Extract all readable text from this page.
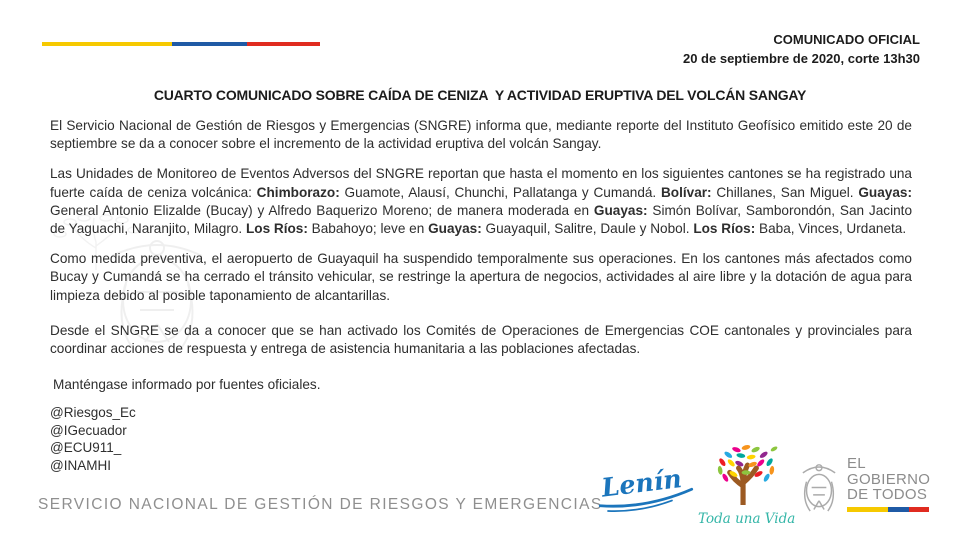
COMUNICADO OFICIAL
20 de septiembre de 2020, corte 13h30
CUARTO COMUNICADO SOBRE CAÍDA DE CENIZA  Y ACTIVIDAD ERUPTIVA DEL VOLCÁN SANGAY

El Servicio Nacional de Gestión de Riesgos y Emergencias (SNGRE) informa que, mediante reporte del Instituto Geofísico emitido este 20 de septiembre se da a conocer sobre el incremento de la actividad eruptiva del volcán Sangay.

Las Unidades de Monitoreo de Eventos Adversos del SNGRE reportan que hasta el momento en los siguientes cantones se ha registrado una fuerte caída de ceniza volcánica: Chimborazo: Guamote, Alausí, Chunchi, Pallatanga y Cumandá. Bolívar: Chillanes, San Miguel. Guayas: General Antonio Elizalde (Bucay) y Alfredo Baquerizo Moreno; de manera moderada en Guayas: Simón Bolívar, Samborondón, San Jacinto de Yaguachi, Naranjito, Milagro. Los Ríos: Babahoyo; leve en Guayas: Guayaquil, Salitre, Daule y Nobol. Los Ríos: Baba, Vinces, Urdaneta.

Como medida preventiva, el aeropuerto de Guayaquil ha suspendido temporalmente sus operaciones. En los cantones más afectados como Bucay y Cumandá se ha cerrado el tránsito vehicular, se restringe la apertura de negocios, actividades al aire libre y la dotación de agua para limpieza debido al posible taponamiento de alcantarillas.

Desde el SNGRE se da a conocer que se han activado los Comités de Operaciones de Emergencias COE cantonales y provinciales para coordinar acciones de respuesta y entrega de asistencia humanitaria a las poblaciones afectadas.

Manténgase informado por fuentes oficiales.

@Riesgos_Ec
@IGecuador
@ECU911_
@INAMHI
SERVICIO NACIONAL DE GESTIÓN DE RIESGOS Y EMERGENCIAS
Lenín
Toda una Vida
EL
GOBIERNO
DE TODOS
